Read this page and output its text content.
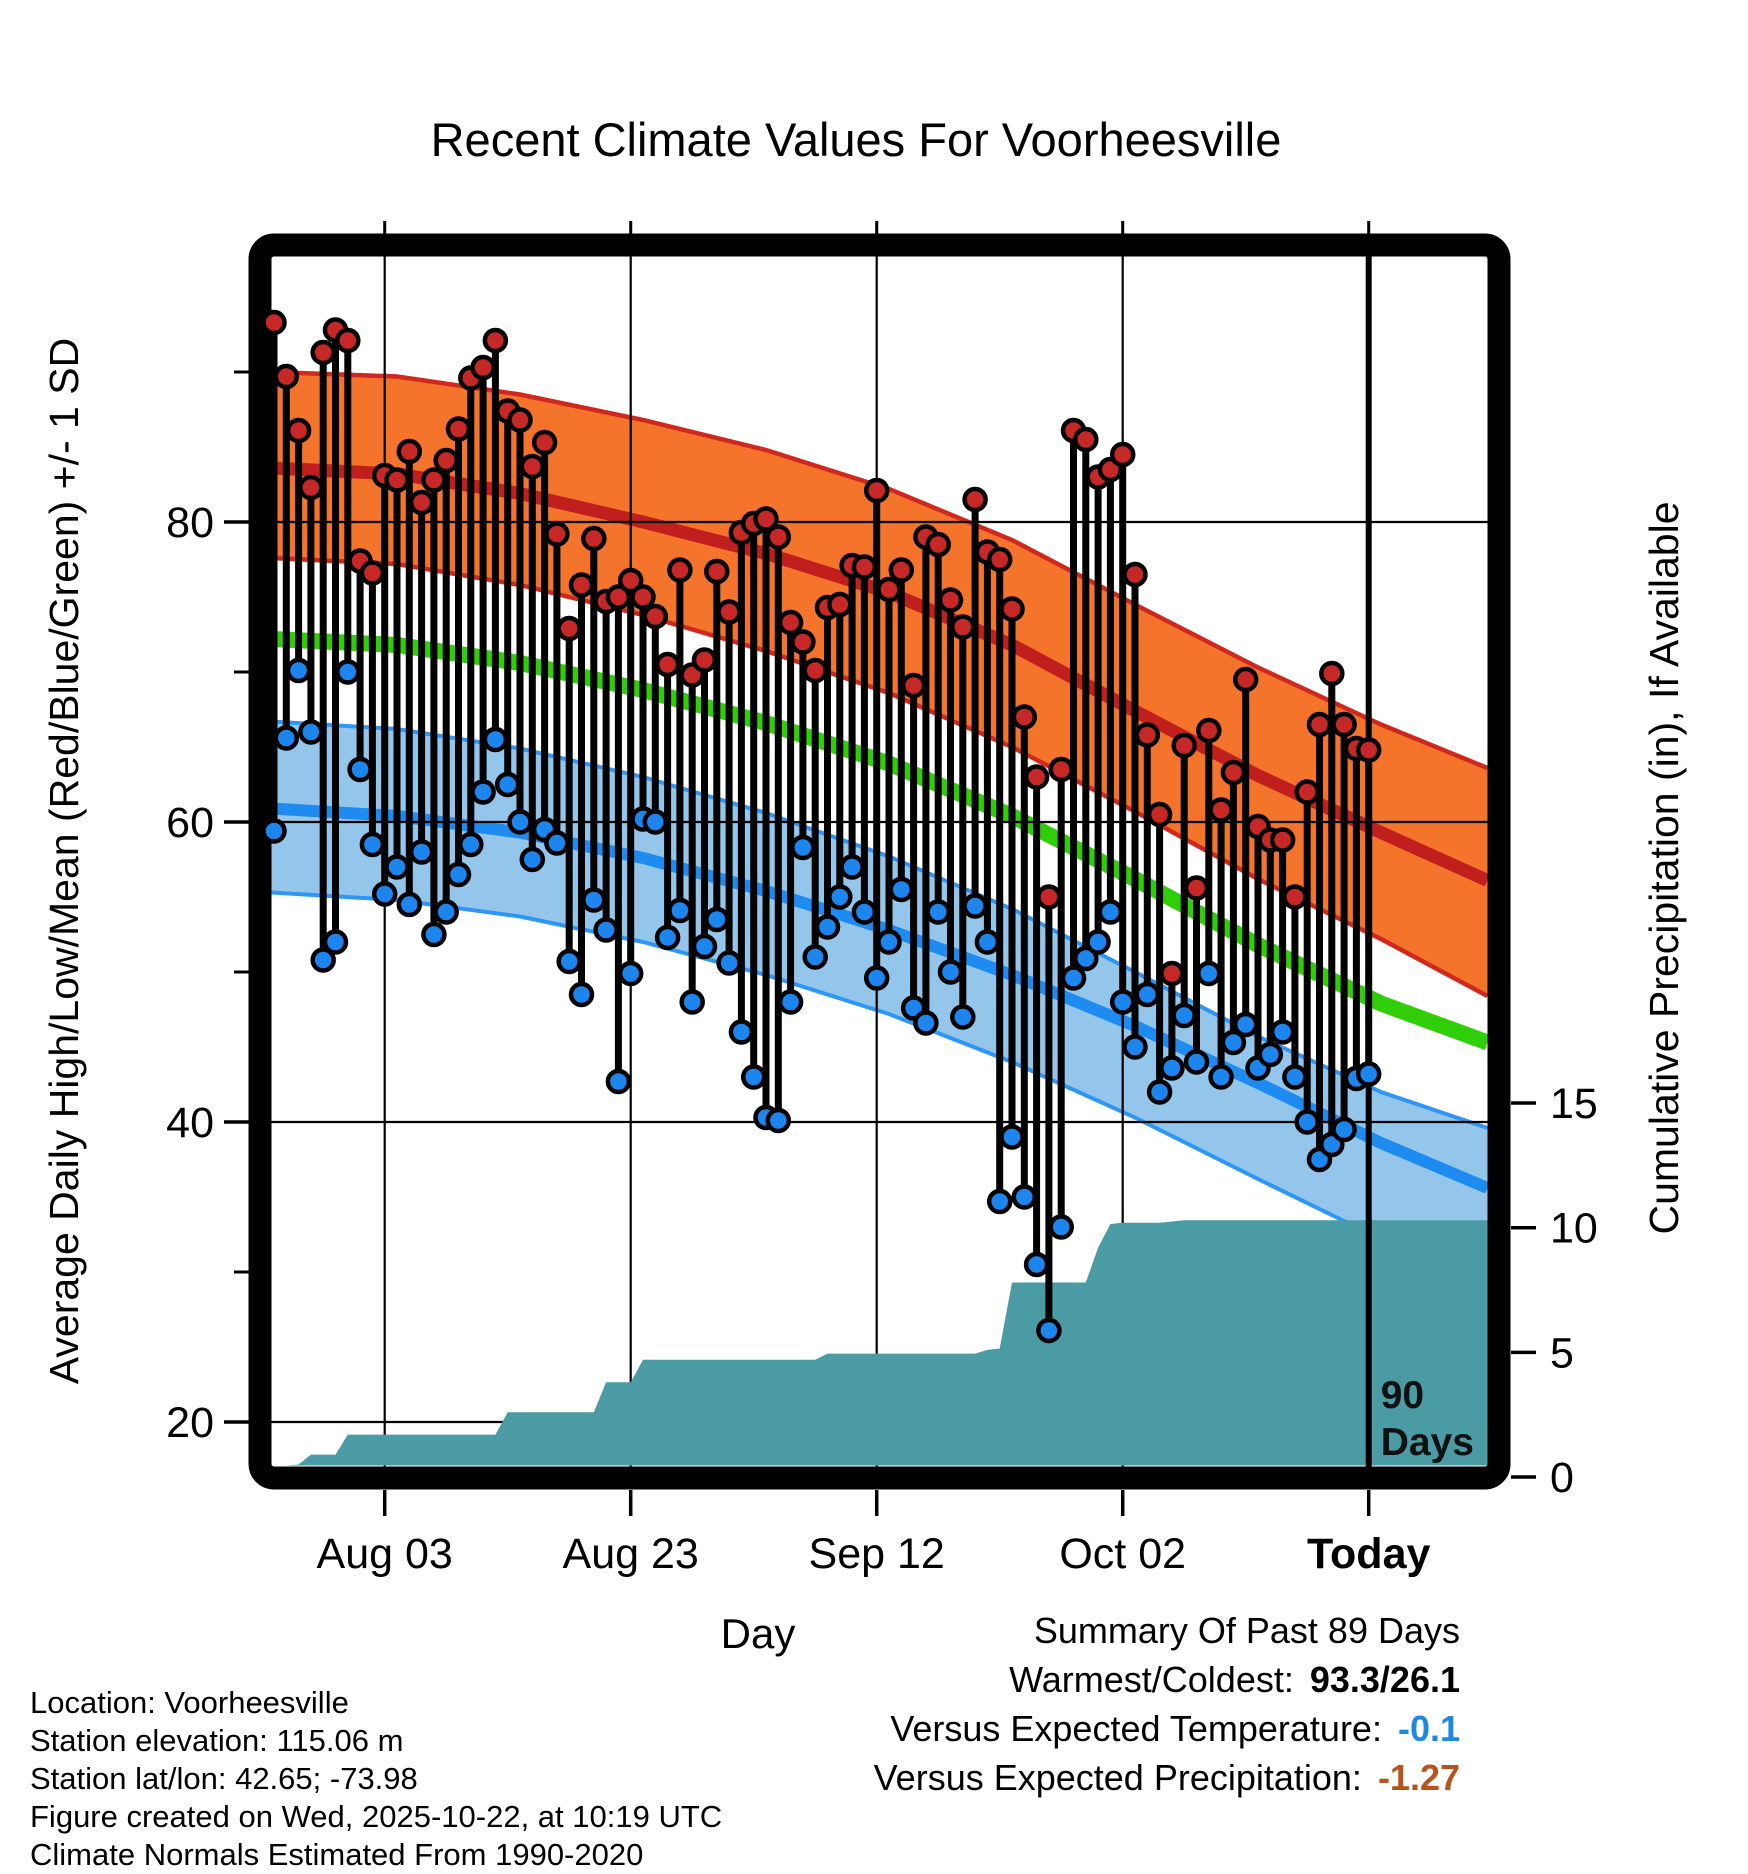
Recent Climate Values For Voorheesville
20
40
60
80
0
5
10
15
Aug 03	Aug 23	Sep 12	Oct 02	Today
Average Daily High/Low/Mean (Red/Blue/Green) +/- 1 SD	Cumulative Precipitation (in), If Available
Day
90
Days
Location: Voorheesville
Station elevation: 115.06 m
Station lat/lon: 42.65; -73.98
Figure created on Wed, 2025-10-22, at 10:19 UTC
Climate Normals Estimated From 1990-2020
Summary Of Past 89 Days
Warmest/Coldest: 93.3/26.1
Versus Expected Temperature: -0.1
Versus Expected Precipitation: -1.27
